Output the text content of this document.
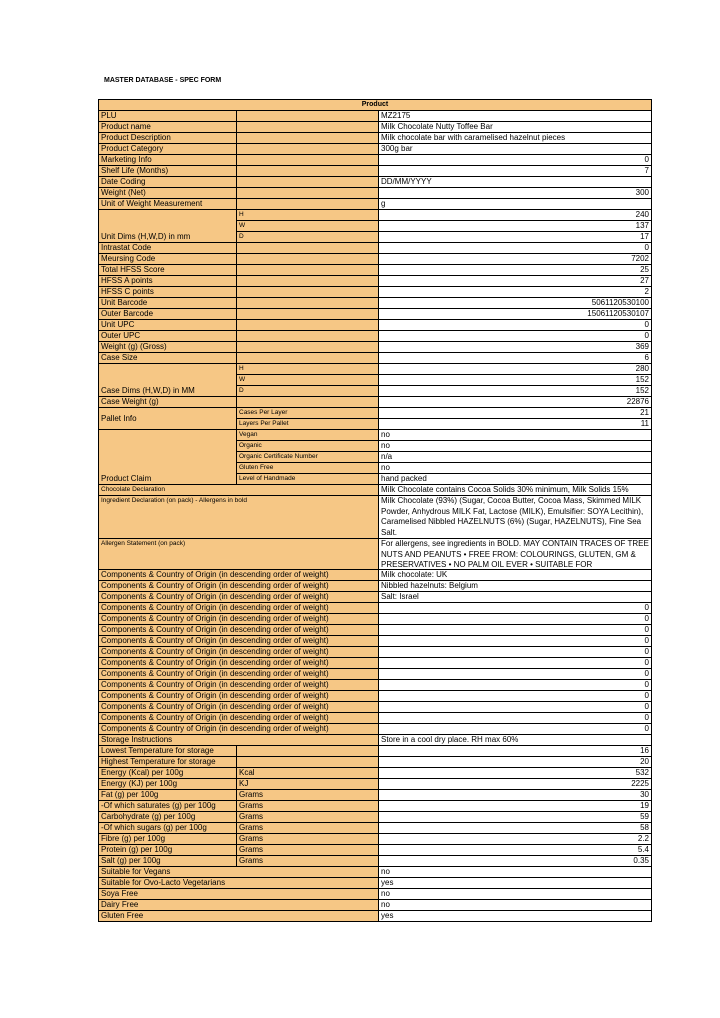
MASTER DATABASE - SPEC FORM
Product		
PLU		MZ2175
Product name		Milk Chocolate Nutty Toffee Bar
Product Description		Milk chocolate bar with caramelised hazelnut pieces
Product Category		300g bar
Marketing Info		0
Shelf Life (Months)		7
Date Coding		DD/MM/YYYY
Weight (Net)		300
Unit of Weight Measurement		g
Unit Dims (H,W,D) in mm	H	240
	W	137
	D	17
Intrastat Code		0
Meursing Code		7202
Total HFSS Score		25
HFSS A points		27
HFSS C points		2
Unit Barcode		5061120530100
Outer Barcode		15061120530107
Unit UPC		0
Outer UPC		0
Weight (g) (Gross)		369
Case Size		6
Case Dims (H,W,D) in MM	H	280
	W	152
	D	152
Case Weight (g)		22876
Pallet Info	Cases Per Layer	21
	Layers Per Pallet	11
Product Claim	Vegan	no
	Organic	no
	Organic Certificate Number	n/a
	Gluten Free	no
	Level of Handmade	hand packed
Chocolate Declaration		Milk Chocolate contains Cocoa Solids 30% minimum, Milk Solids 15%
Ingredient Declaration (on pack) - Allergens in bold		Milk Chocolate (93%) (Sugar, Cocoa Butter, Cocoa Mass, Skimmed MILK Powder, Anhydrous MILK Fat, Lactose (MILK), Emulsifier: SOYA Lecithin), Caramelised Nibbled HAZELNUTS (6%) (Sugar, HAZELNUTS), Fine Sea Salt.
Allergen Statement (on pack)		For allergens, see ingredients in BOLD. MAY CONTAIN TRACES OF TREE NUTS AND PEANUTS • FREE FROM: COLOURINGS, GLUTEN, GM & PRESERVATIVES • NO PALM OIL EVER • SUITABLE FOR

Components & Country of Origin (in descending order of weight)		Milk chocolate: UK
Components & Country of Origin (in descending order of weight)		Nibbled hazelnuts: Belgium
Components & Country of Origin (in descending order of weight)		Salt: Israel
Components & Country of Origin (in descending order of weight)		0
Components & Country of Origin (in descending order of weight)		0
Components & Country of Origin (in descending order of weight)		0
Components & Country of Origin (in descending order of weight)		0
Components & Country of Origin (in descending order of weight)		0
Components & Country of Origin (in descending order of weight)		0
Components & Country of Origin (in descending order of weight)		0
Components & Country of Origin (in descending order of weight)		0
Components & Country of Origin (in descending order of weight)		0
Components & Country of Origin (in descending order of weight)		0
Components & Country of Origin (in descending order of weight)		0
Components & Country of Origin (in descending order of weight)		0
Storage Instructions		Store in a cool dry place. RH max 60%
Lowest Temperature for storage		16
Highest Temperature for storage		20
Energy (Kcal) per 100g	Kcal	532
Energy (KJ) per 100g	KJ	2225
Fat (g) per 100g	Grams	30
-Of which saturates (g) per 100g	Grams	19
Carbohydrate (g) per 100g	Grams	59
-Of which sugars (g) per 100g	Grams	58
Fibre (g) per 100g	Grams	2.2
Protein (g) per 100g	Grams	5.4
Salt (g) per 100g	Grams	0.35
Suitable for Vegans		no
Suitable for Ovo-Lacto Vegetarians		yes
Soya Free		no
Dairy Free		no
Gluten Free		yes
